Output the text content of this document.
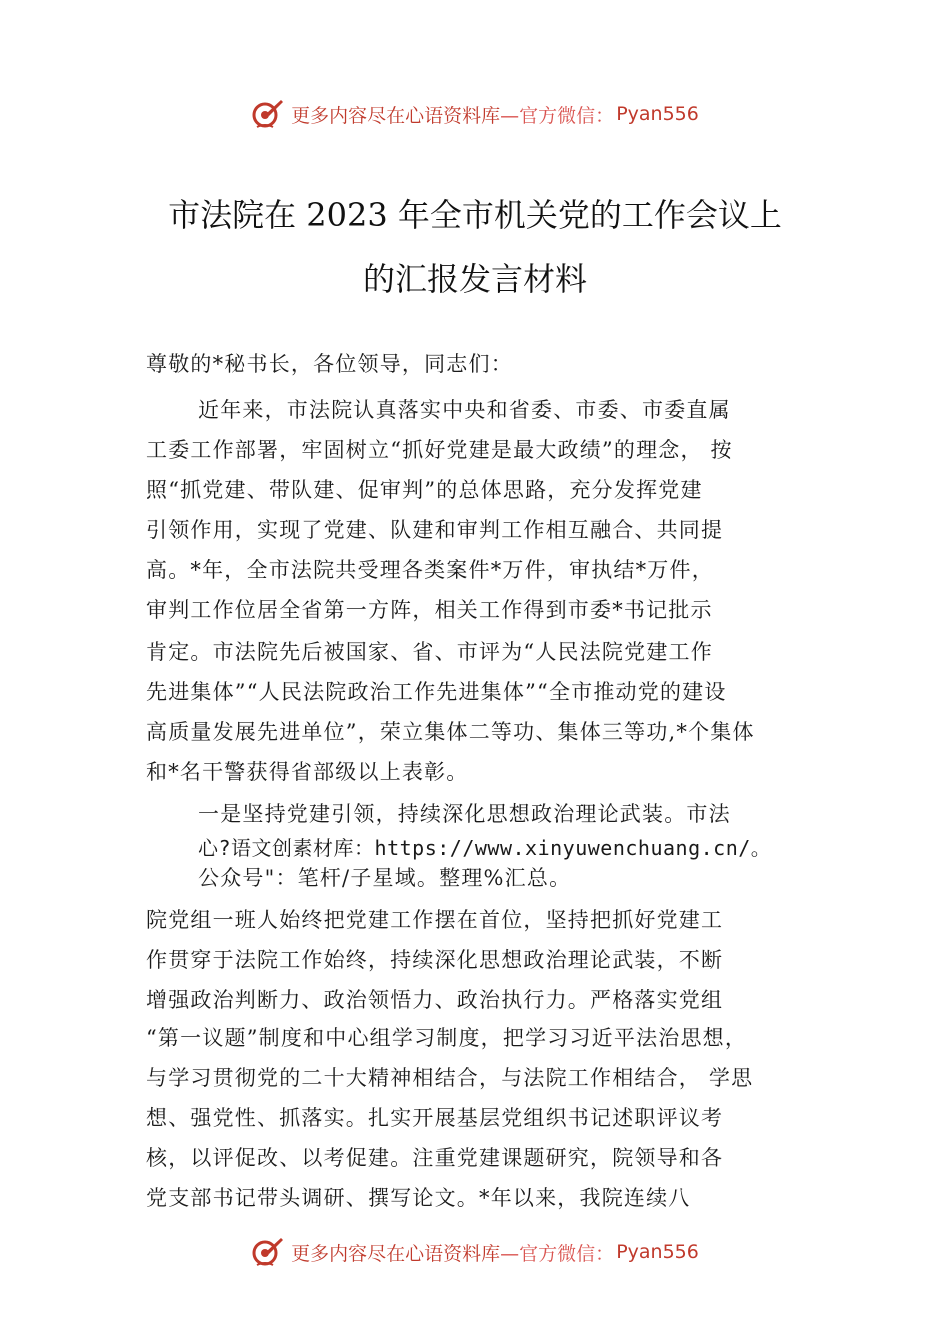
更多内容尽在心语资料库 —官方微信： Pyan556
市法院在 2023 年全市机关党的工作会议上
的汇报发言材料
尊敬的*秘书长，各位领导，同志们：
近年来，市法院认真落实中央和省委、市委、市委直属
工委工作部署，牢固树立“抓好党建是最大政绩”的理念， 按
照“抓党建、带队建、促审判”的总体思路，充分发挥党建
引领作用，实现了党建、队建和审判工作相互融合、共同提
高。*年，全市法院共受理各类案件*万件，审执结*万件，
审判工作位居全省第一方阵，相关工作得到市委*书记批示
肯定。市法院先后被国家、省、市评为“人民法院党建工作
先进集体”“人民法院政治工作先进集体”“全市推动党的建设
高质量发展先进单位”，荣立集体二等功、集体三等功,*个集体
和*名干警获得省部级以上表彰。
一是坚持党建引领，持续深化思想政治理论武装。市法
心?语文创素材库：https://www.xinyuwenchuang.cn/。
公众号"：笔杆/子星域。整理%汇总。
院党组一班人始终把党建工作摆在首位，坚持把抓好党建工
作贯穿于法院工作始终，持续深化思想政治理论武装，不断
增强政治判断力、政治领悟力、政治执行力。严格落实党组
“第一议题”制度和中心组学习制度，把学习习近平法治思想，
与学习贯彻党的二十大精神相结合，与法院工作相结合， 学思
想、强党性、抓落实。扎实开展基层党组织书记述职评议考
核，以评促改、以考促建。注重党建课题研究，院领导和各
党支部书记带头调研、撰写论文。*年以来，我院连续八
更多内容尽在心语资料库 —官方微信： Pyan556
